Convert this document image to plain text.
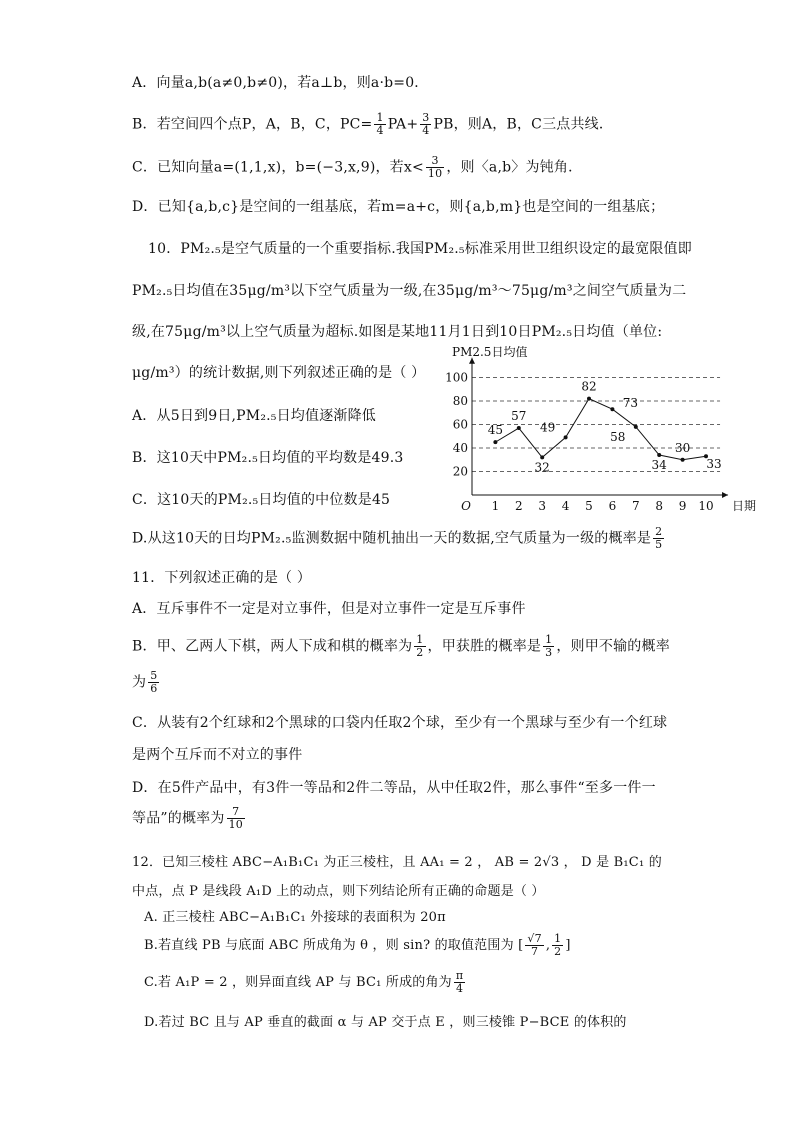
A．向量a,b(a≠0,b≠0)，若a⊥b，则a·b=0．
B．若空间四个点P，A，B，C，$PC= \frac{1}{4} PA+ \frac{3}{4}$ PB，则A，B，C三点共线．
C．已知向量a=(1,1,x)，b=(−3,x,9)，若$x< \frac{3}{10}$ ，则〈a,b〉为钝角．
D．已知{a,b,c}是空间的一组基底，若m=a+c，则{a,b,m}也是空间的一组基底；
10．PM₂.₅是空气质量的一个重要指标.我国PM₂.₅标准采用世卫组织设定的最宽限值即
PM₂.₅日均值在35μg/m³以下空气质量为一级,在35μg/m³～75μg/m³之间空气质量为二
级,在75μg/m³以上空气质量为超标.如图是某地11月1日到10日PM₂.₅日均值（单位:
μg/m³）的统计数据,则下列叙述正确的是（ ）
A．从5日到9日,PM₂.₅日均值逐渐降低
B．这10天中PM₂.₅日均值的平均数是49.3
C．这10天的PM₂.₅日均值的中位数是45
D.从这10天的日均PM₂.₅监测数据中随机抽出一天的数据,空气质量为一级的概率是 $\frac{2}{5}$
20
40
60
80
100
1 2 3 4 5 6 7 8 9 10
O	日期
PM2.5日均值
45
57
32
49
82
73
58
34
30
33
11．下列叙述正确的是（ ）
A．互斥事件不一定是对立事件，但是对立事件一定是互斥事件
B．甲、乙两人下棋，两人下成和棋的概率为 $\frac{1}{2}$ ，甲获胜的概率是 $\frac{1}{3}$ ，则甲不输的概率
为 $\frac{5}{6}$
C．从装有2个红球和2个黑球的口袋内任取2个球，至少有一个黑球与至少有一个红球
是两个互斥而不对立的事件
D．在5件产品中，有3件一等品和2件二等品，从中任取2件，那么事件“至多一件一
等品”的概率为 $\frac{7}{10}$
12．已知三棱柱 ABC−A₁B₁C₁ 为正三棱柱，且 AA₁ = 2 ， AB = 2√3 ， D 是 B₁C₁ 的
中点，点 P 是线段 A₁D 上的动点，则下列结论所有正确的命题是（ ）
A. 正三棱柱 ABC−A₁B₁C₁ 外接球的表面积为 20π
B.若直线 PB 与底面 ABC 所成角为 θ ，则 sin? 的取值范围为 [ $\frac{√7}{7}$ , $\frac{1}{2}$ ]
C.若 A₁P = 2 ，则异面直线 AP 与 BC₁ 所成的角为 $\frac{\pi}{4}$
D.若过 BC 且与 AP 垂直的截面 α 与 AP 交于点 E ，则三棱锥 P−BCE 的体积的
